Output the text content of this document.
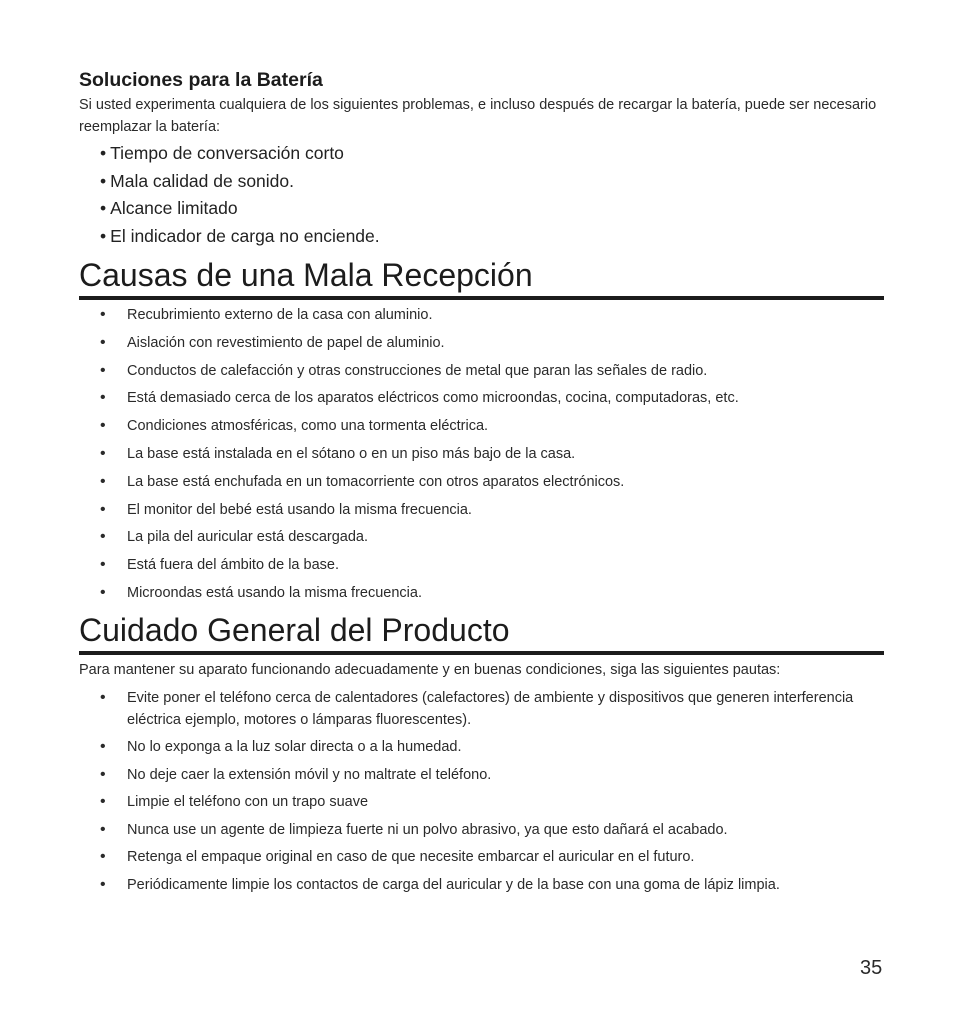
Soluciones para la Batería

Si usted experimenta cualquiera de los siguientes problemas, e incluso después de recargar la batería, puede ser necesario reemplazar la batería:

• Tiempo de conversación corto
• Mala calidad de sonido.
• Alcance limitado
• El indicador de carga no enciende.
Causas de una Mala Recepción
• Recubrimiento externo de la casa con aluminio.
• Aislación con revestimiento de papel de aluminio.
• Conductos de calefacción y otras construcciones de metal que paran las señales de radio.
• Está demasiado cerca de los aparatos eléctricos como microondas, cocina, computadoras, etc.
• Condiciones atmosféricas, como una tormenta eléctrica.
• La base está instalada en el sótano o en un piso más bajo de la casa.
• La base está enchufada en un tomacorriente con otros aparatos electrónicos.
• El monitor del bebé está usando la misma frecuencia.
• La pila del auricular está descargada.
• Está fuera del ámbito de la base.
• Microondas está usando la misma frecuencia.
Cuidado General del Producto

Para mantener su aparato funcionando adecuadamente y en buenas condiciones, siga las siguientes pautas:

• Evite poner el teléfono cerca de calentadores (calefactores) de ambiente y dispositivos que generen interferencia eléctrica ejemplo, motores o lámparas fluorescentes).
• No lo exponga a la luz solar directa o a la humedad.
• No deje caer la extensión móvil y no maltrate el teléfono.
• Limpie el teléfono con un trapo suave
• Nunca use un agente de limpieza fuerte ni un polvo abrasivo, ya que esto dañará el acabado.
• Retenga el empaque original en caso de que necesite embarcar el auricular en el futuro.
• Periódicamente limpie los contactos de carga del auricular y de la base con una goma de lápiz limpia.
35
